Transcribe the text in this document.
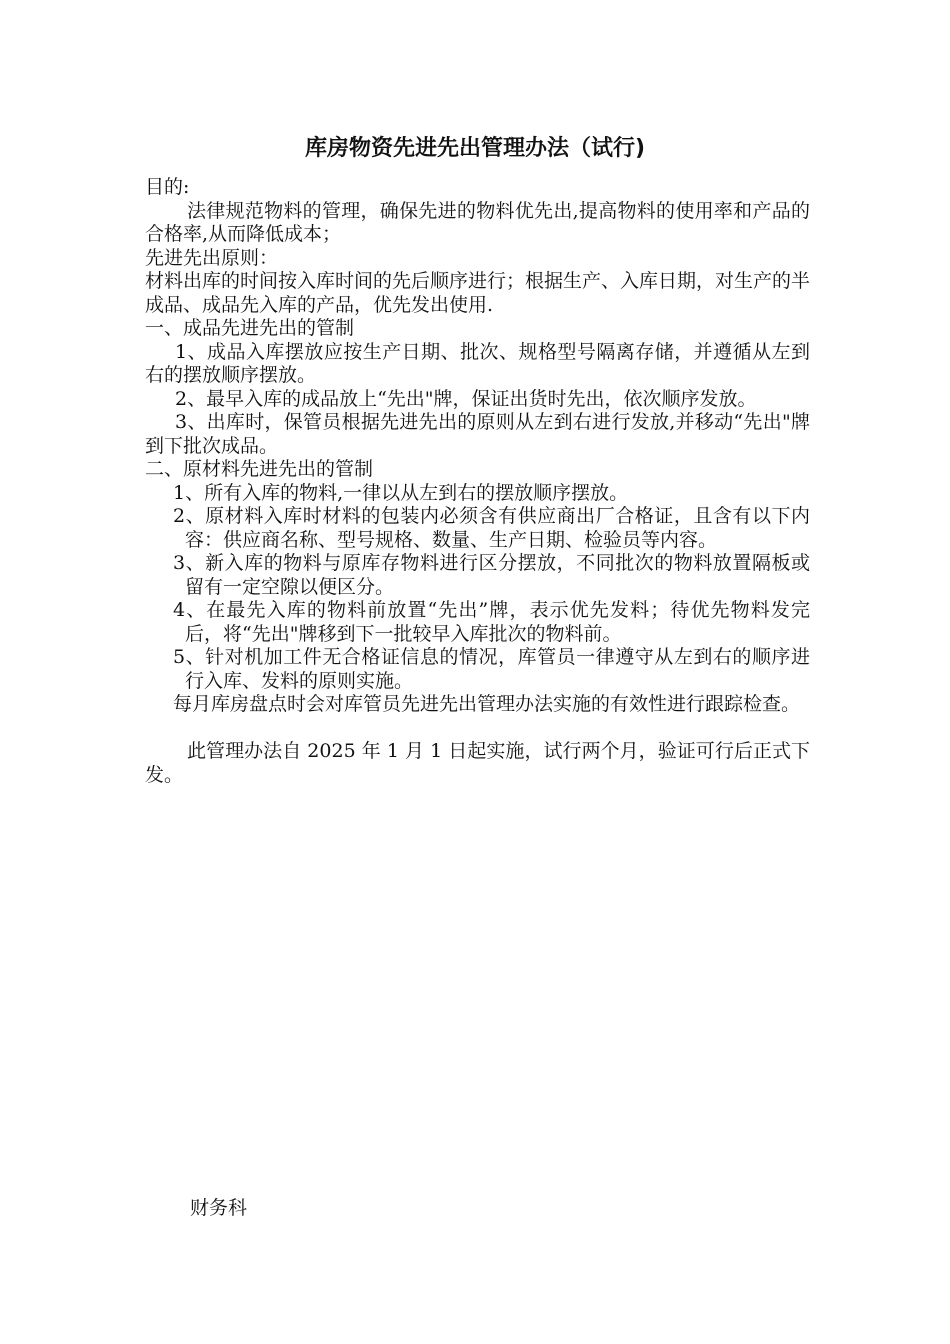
库房物资先进先出管理办法（试行)

目的:

法律规范物料的管理，确保先进的物料优先出,提高物料的使用率和产品的合格率,从而降低成本；

先进先出原则：

材料出库的时间按入库时间的先后顺序进行；根据生产、入库日期，对生产的半成品、成品先入库的产品，优先发出使用.

一、成品先进先出的管制

1、成品入库摆放应按生产日期、批次、规格型号隔离存储，并遵循从左到右的摆放顺序摆放。

2、最早入库的成品放上“先出"牌，保证出货时先出，依次顺序发放。

3、出库时，保管员根据先进先出的原则从左到右进行发放,并移动“先出"牌到下批次成品。

二、原材料先进先出的管制

1、所有入库的物料,一律以从左到右的摆放顺序摆放。

2、原材料入库时材料的包装内必须含有供应商出厂合格证，且含有以下内容：供应商名称、型号规格、数量、生产日期、检验员等内容。

3、新入库的物料与原库存物料进行区分摆放，不同批次的物料放置隔板或留有一定空隙以便区分。

4、在最先入库的物料前放置“先出”牌，表示优先发料；待优先物料发完后，将“先出"牌移到下一批较早入库批次的物料前。

5、针对机加工件无合格证信息的情况，库管员一律遵守从左到右的顺序进行入库、发料的原则实施。

每月库房盘点时会对库管员先进先出管理办法实施的有效性进行跟踪检查。

此管理办法自 2025 年 1 月 1 日起实施，试行两个月，验证可行后正式下发。

财务科
